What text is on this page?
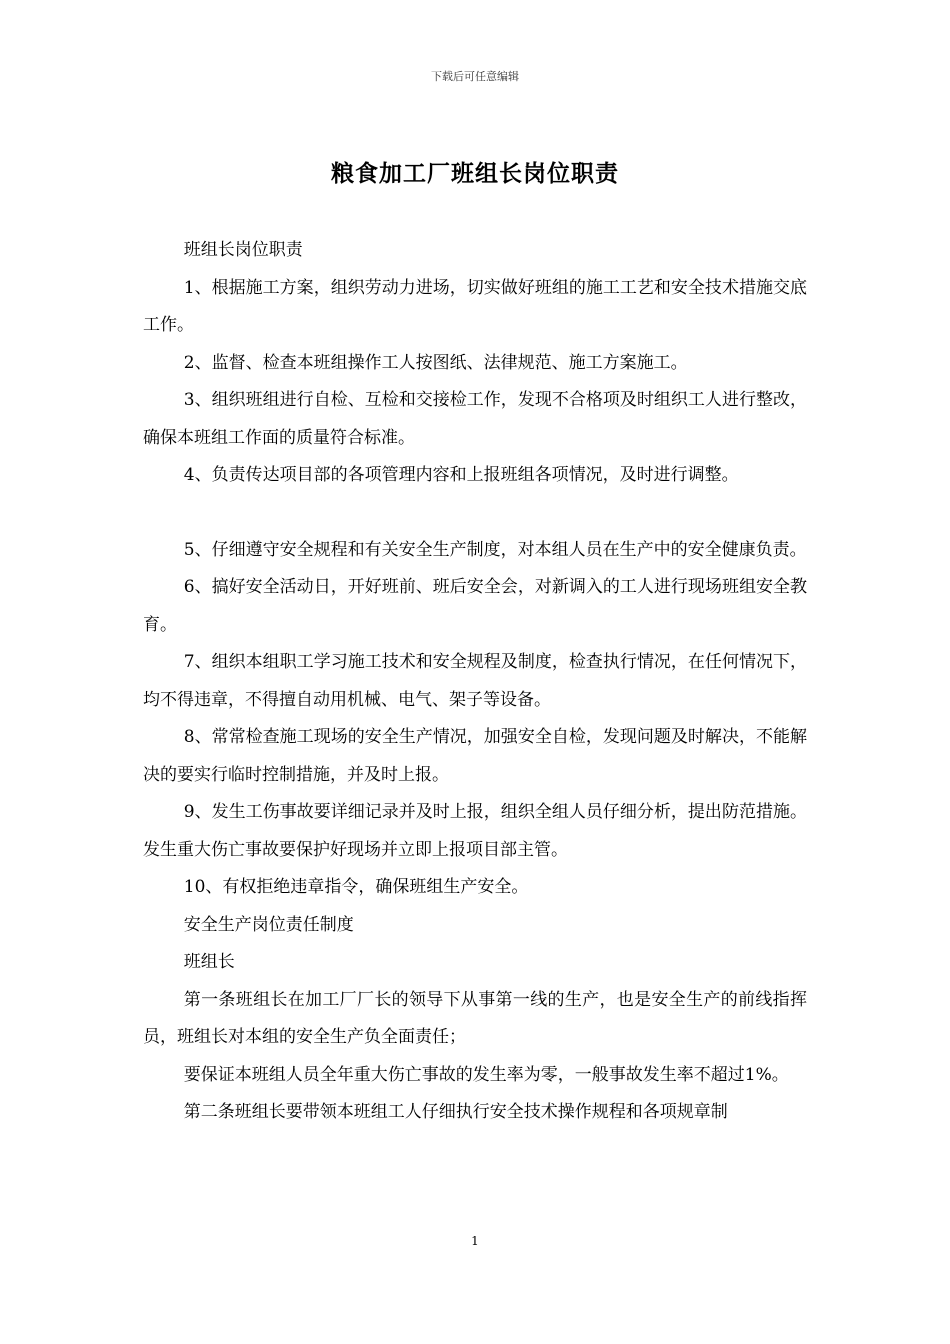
下载后可任意编辑
粮食加工厂班组长岗位职责

班组长岗位职责

1、根据施工方案，组织劳动力进场，切实做好班组的施工工艺和安全技术措施交底工作。

2、监督、检查本班组操作工人按图纸、法律规范、施工方案施工。

3、组织班组进行自检、互检和交接检工作，发现不合格项及时组织工人进行整改，确保本班组工作面的质量符合标准。

4、负责传达项目部的各项管理内容和上报班组各项情况，及时进行调整。

5、仔细遵守安全规程和有关安全生产制度，对本组人员在生产中的安全健康负责。

6、搞好安全活动日，开好班前、班后安全会，对新调入的工人进行现场班组安全教育。

7、组织本组职工学习施工技术和安全规程及制度，检查执行情况，在任何情况下，均不得违章，不得擅自动用机械、电气、架子等设备。

8、常常检查施工现场的安全生产情况，加强安全自检，发现问题及时解决，不能解决的要实行临时控制措施，并及时上报。

9、发生工伤事故要详细记录并及时上报，组织全组人员仔细分析，提出防范措施。发生重大伤亡事故要保护好现场并立即上报项目部主管。

10、有权拒绝违章指令，确保班组生产安全。

安全生产岗位责任制度

班组长

第一条班组长在加工厂厂长的领导下从事第一线的生产，也是安全生产的前线指挥员，班组长对本组的安全生产负全面责任；

要保证本班组人员全年重大伤亡事故的发生率为零，一般事故发生率不超过1%。

第二条班组长要带领本班组工人仔细执行安全技术操作规程和各项规章制

1
